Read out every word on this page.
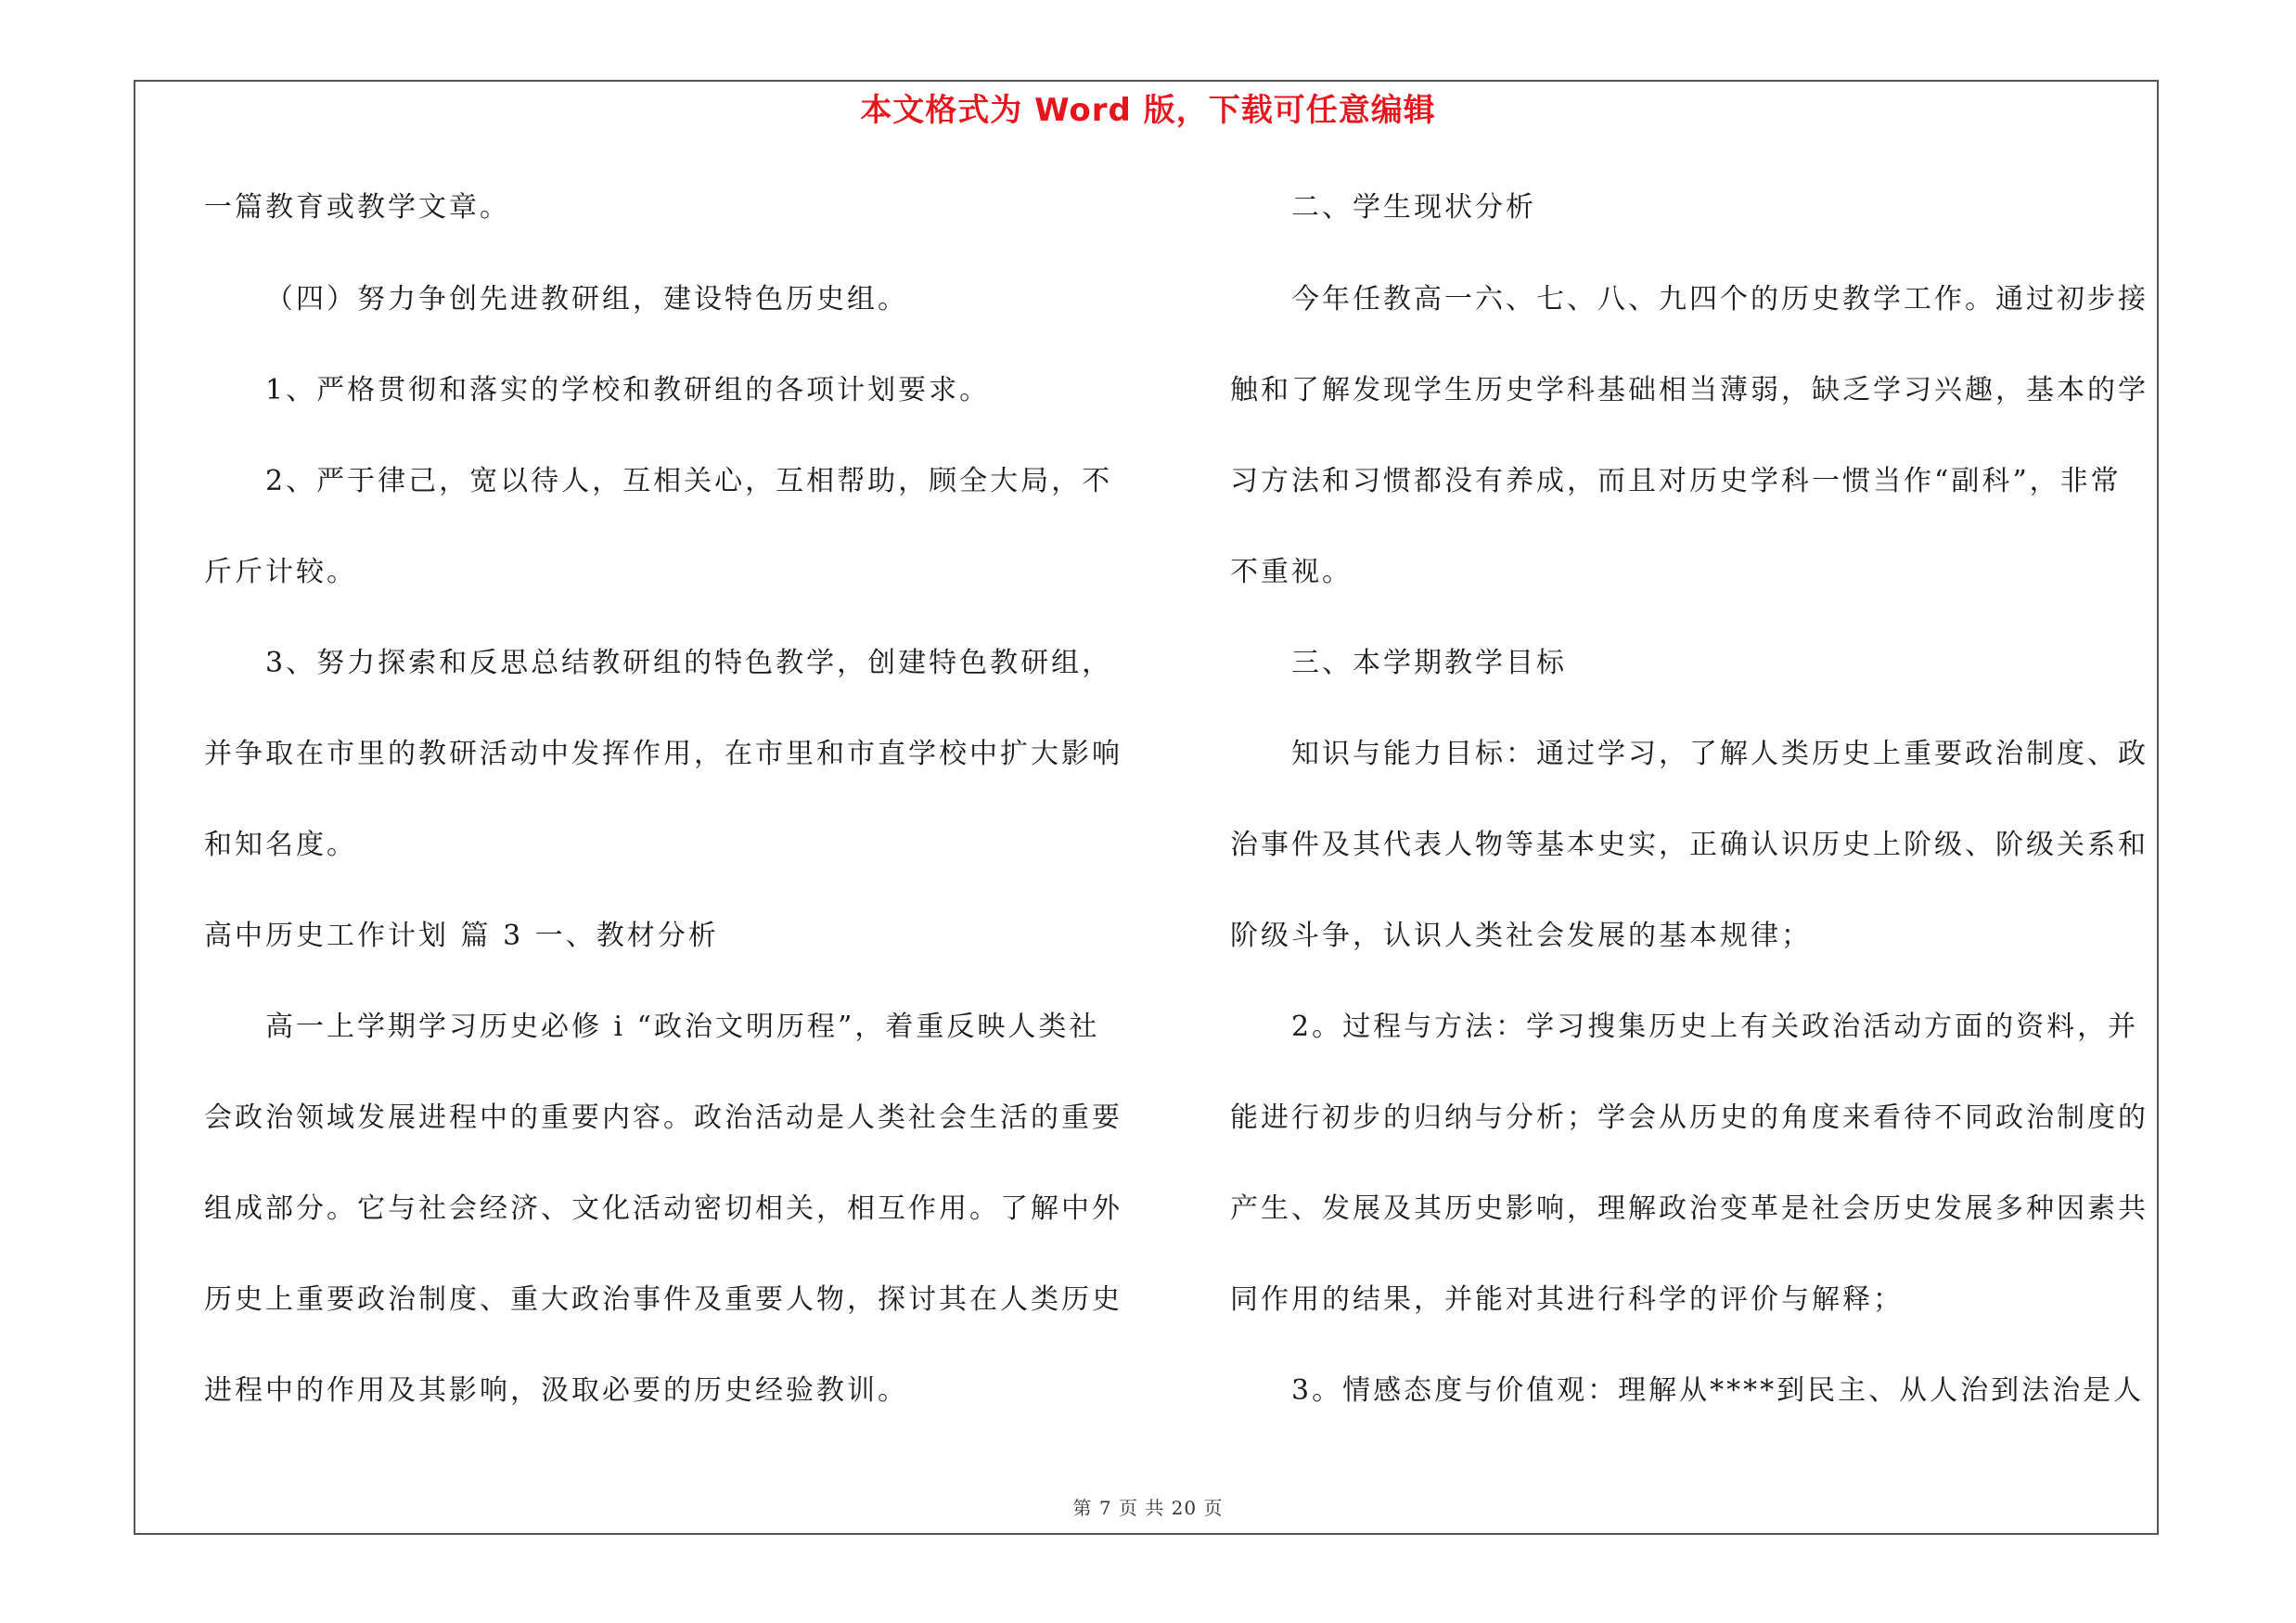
本文格式为 Word 版，下载可任意编辑

一篇教育或教学文章。

（四）努力争创先进教研组，建设特色历史组。

1、严格贯彻和落实的学校和教研组的各项计划要求。

2、严于律己，宽以待人，互相关心，互相帮助，顾全大局，不

斤斤计较。

3、努力探索和反思总结教研组的特色教学，创建特色教研组，

并争取在市里的教研活动中发挥作用，在市里和市直学校中扩大影响

和知名度。

高中历史工作计划 篇 3 一、教材分析

高一上学期学习历史必修 i “政治文明历程”，着重反映人类社

会政治领域发展进程中的重要内容。政治活动是人类社会生活的重要

组成部分。它与社会经济、文化活动密切相关，相互作用。了解中外

历史上重要政治制度、重大政治事件及重要人物，探讨其在人类历史

进程中的作用及其影响，汲取必要的历史经验教训。

二、学生现状分析

今年任教高一六、七、八、九四个的历史教学工作。通过初步接

触和了解发现学生历史学科基础相当薄弱，缺乏学习兴趣，基本的学

习方法和习惯都没有养成，而且对历史学科一惯当作“副科”，非常

不重视。

三、本学期教学目标

知识与能力目标：通过学习，了解人类历史上重要政治制度、政

治事件及其代表人物等基本史实，正确认识历史上阶级、阶级关系和

阶级斗争，认识人类社会发展的基本规律；

2。过程与方法：学习搜集历史上有关政治活动方面的资料，并

能进行初步的归纳与分析；学会从历史的角度来看待不同政治制度的

产生、发展及其历史影响，理解政治变革是社会历史发展多种因素共

同作用的结果，并能对其进行科学的评价与解释；

3。情感态度与价值观：理解从****到民主、从人治到法治是人

第 7 页 共 20 页
